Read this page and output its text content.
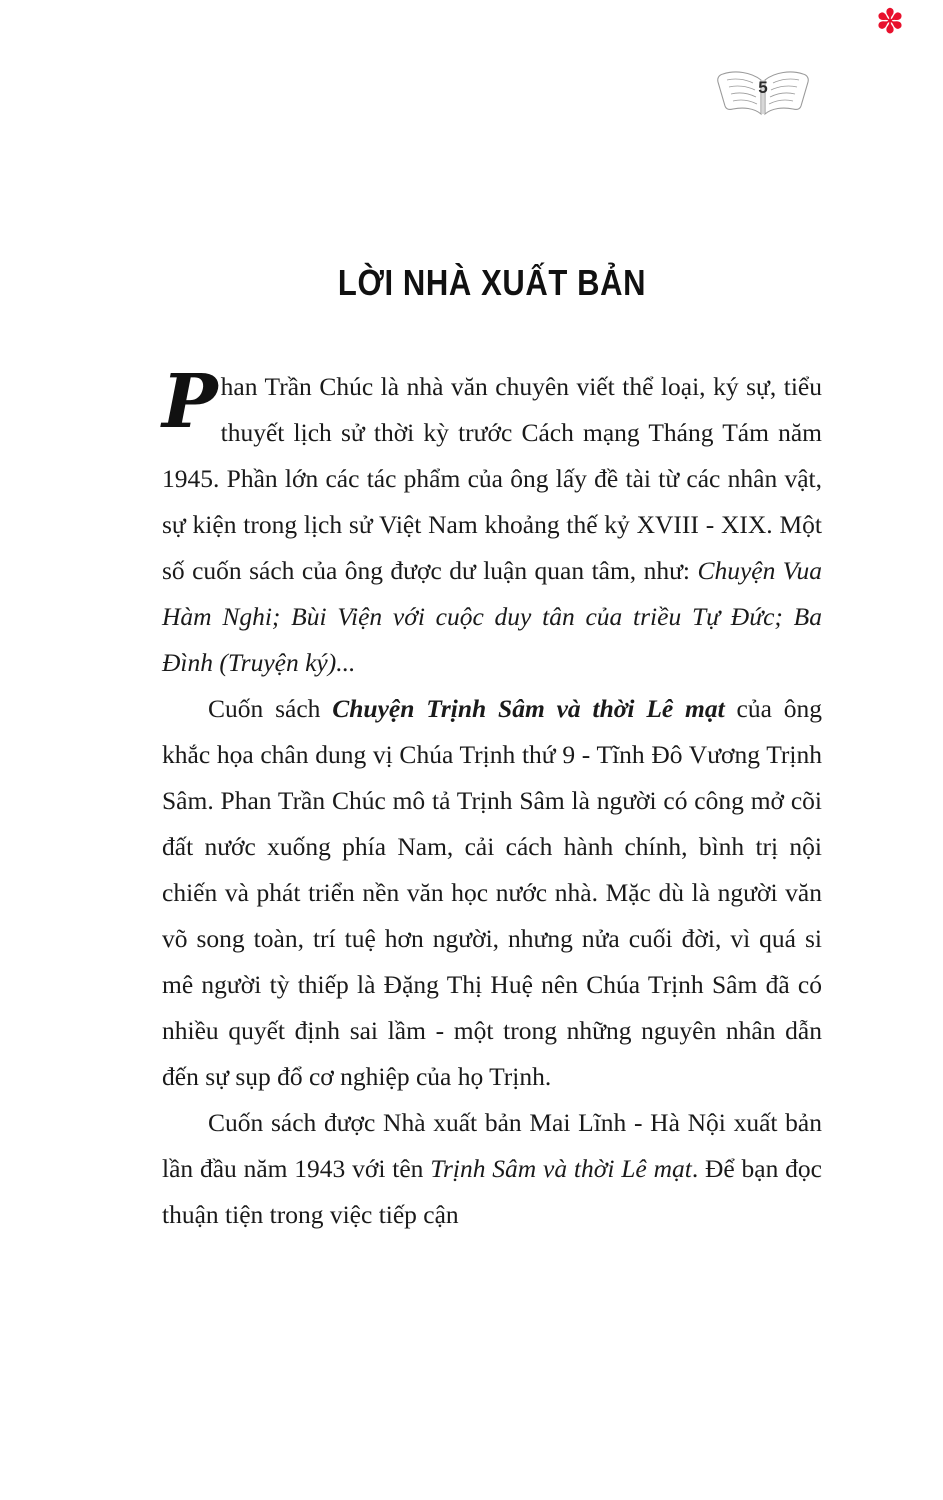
✽
5
LỜI NHÀ XUẤT BẢN

Phan Trần Chúc là nhà văn chuyên viết thể loại, ký sự, tiểu thuyết lịch sử thời kỳ trước Cách mạng Tháng Tám năm 1945. Phần lớn các tác phẩm của ông lấy đề tài từ các nhân vật, sự kiện trong lịch sử Việt Nam khoảng thế kỷ XVIII - XIX. Một số cuốn sách của ông được dư luận quan tâm, như: Chuyện Vua Hàm Nghi; Bùi Viện với cuộc duy tân của triều Tự Đức; Ba Đình (Truyện ký)...

Cuốn sách Chuyện Trịnh Sâm và thời Lê mạt của ông khắc họa chân dung vị Chúa Trịnh thứ 9 - Tĩnh Đô Vương Trịnh Sâm. Phan Trần Chúc mô tả Trịnh Sâm là người có công mở cõi đất nước xuống phía Nam, cải cách hành chính, bình trị nội chiến và phát triển nền văn học nước nhà. Mặc dù là người văn võ song toàn, trí tuệ hơn người, nhưng nửa cuối đời, vì quá si mê người tỳ thiếp là Đặng Thị Huệ nên Chúa Trịnh Sâm đã có nhiều quyết định sai lầm - một trong những nguyên nhân dẫn đến sự sụp đổ cơ nghiệp của họ Trịnh.

Cuốn sách được Nhà xuất bản Mai Lĩnh - Hà Nội xuất bản lần đầu năm 1943 với tên Trịnh Sâm và thời Lê mạt. Để bạn đọc thuận tiện trong việc tiếp cận
